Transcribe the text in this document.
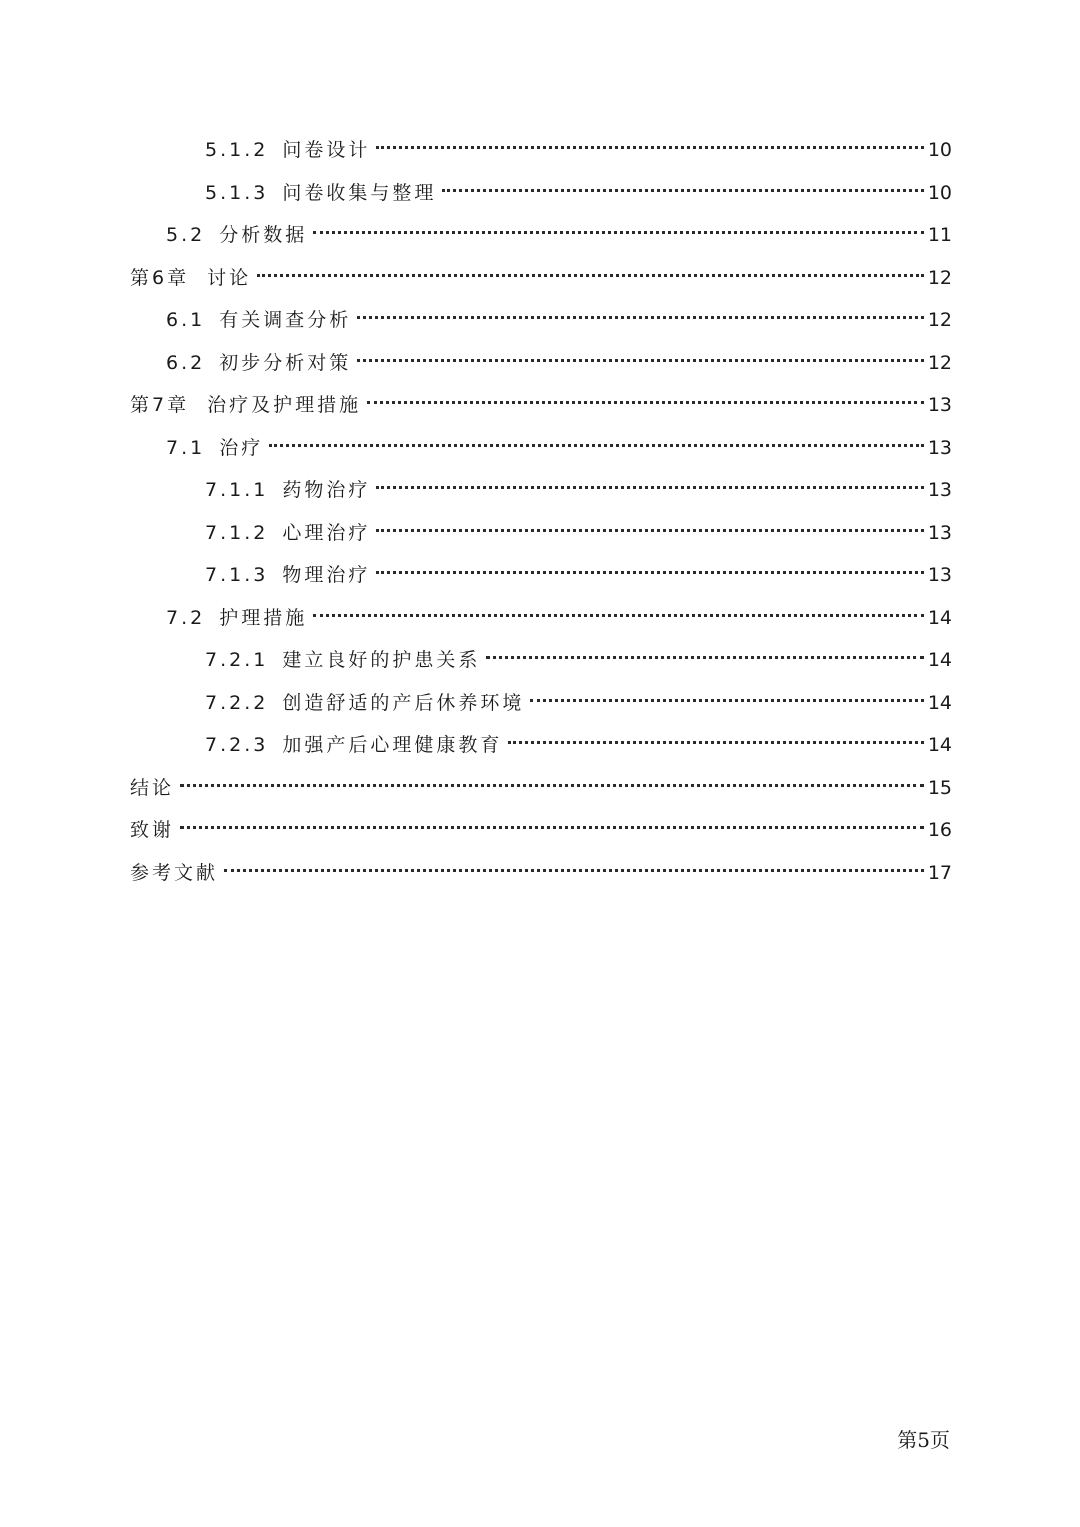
5.1.2 问卷设计	10
5.1.3 问卷收集与整理	10
5.2 分析数据	11
第6章 讨论	12
6.1 有关调查分析	12
6.2 初步分析对策	12
第7章 治疗及护理措施	13
7.1 治疗	13
7.1.1 药物治疗	13
7.1.2 心理治疗	13
7.1.3 物理治疗	13
7.2 护理措施	14
7.2.1 建立良好的护患关系	14
7.2.2 创造舒适的产后休养环境	14
7.2.3 加强产后心理健康教育	14
结论	15
致谢	16
参考文献	17
第5页
